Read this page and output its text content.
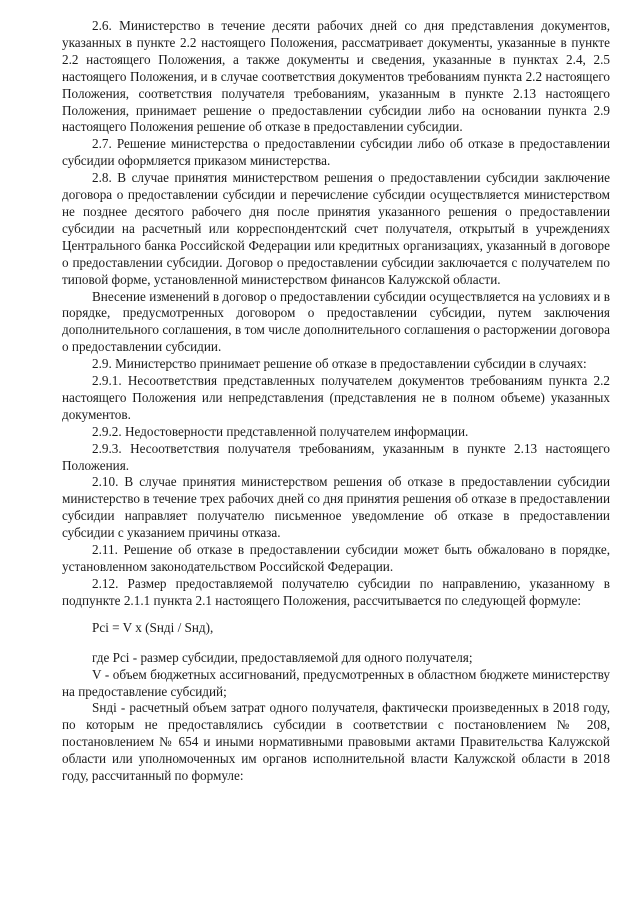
2.6. Министерство в течение десяти рабочих дней со дня представления документов, указанных в пункте 2.2 настоящего Положения, рассматривает документы, указанные в пункте 2.2 настоящего Положения, а также документы и сведения, указанные в пунктах 2.4, 2.5 настоящего Положения, и в случае соответствия документов требованиям пункта 2.2 настоящего Положения, соответствия получателя требованиям, указанным в пункте 2.13 настоящего Положения, принимает решение о предоставлении субсидии либо на основании пункта 2.9 настоящего Положения решение об отказе в предоставлении субсидии.

2.7. Решение министерства о предоставлении субсидии либо об отказе в предоставлении субсидии оформляется приказом министерства.

2.8. В случае принятия министерством решения о предоставлении субсидии заключение договора о предоставлении субсидии и перечисление субсидии осуществляется министерством не позднее десятого рабочего дня после принятия указанного решения о предоставлении субсидии на расчетный или корреспондентский счет получателя, открытый в учреждениях Центрального банка Российской Федерации или кредитных организациях, указанный в договоре о предоставлении субсидии. Договор о предоставлении субсидии заключается с получателем по типовой форме, установленной министерством финансов Калужской области.

Внесение изменений в договор о предоставлении субсидии осуществляется на условиях и в порядке, предусмотренных договором о предоставлении субсидии, путем заключения дополнительного соглашения, в том числе дополнительного соглашения о расторжении договора о предоставлении субсидии.

2.9. Министерство принимает решение об отказе в предоставлении субсидии в случаях:

2.9.1. Несоответствия представленных получателем документов требованиям пункта 2.2 настоящего Положения или непредставления (представления не в полном объеме) указанных документов.

2.9.2. Недостоверности представленной получателем информации.

2.9.3. Несоответствия получателя требованиям, указанным в пункте 2.13 настоящего Положения.

2.10. В случае принятия министерством решения об отказе в предоставлении субсидии министерство в течение трех рабочих дней со дня принятия решения об отказе в предоставлении субсидии направляет получателю письменное уведомление об отказе в предоставлении субсидии с указанием причины отказа.

2.11. Решение об отказе в предоставлении субсидии может быть обжаловано в порядке, установленном законодательством Российской Федерации.

2.12. Размер предоставляемой получателю субсидии по направлению, указанному в подпункте 2.1.1 пункта 2.1 настоящего Положения, рассчитывается по следующей формуле:

Pci = V x (Sндi / Sнд),

где Pci - размер субсидии, предоставляемой для одного получателя;

V - объем бюджетных ассигнований, предусмотренных в областном бюджете министерству на предоставление субсидий;

Sндi - расчетный объем затрат одного получателя, фактически произведенных в 2018 году, по которым не предоставлялись субсидии в соответствии с постановлением № 208, постановлением № 654 и иными нормативными правовыми актами Правительства Калужской области или уполномоченных им органов исполнительной власти Калужской области в 2018 году, рассчитанный по формуле:
